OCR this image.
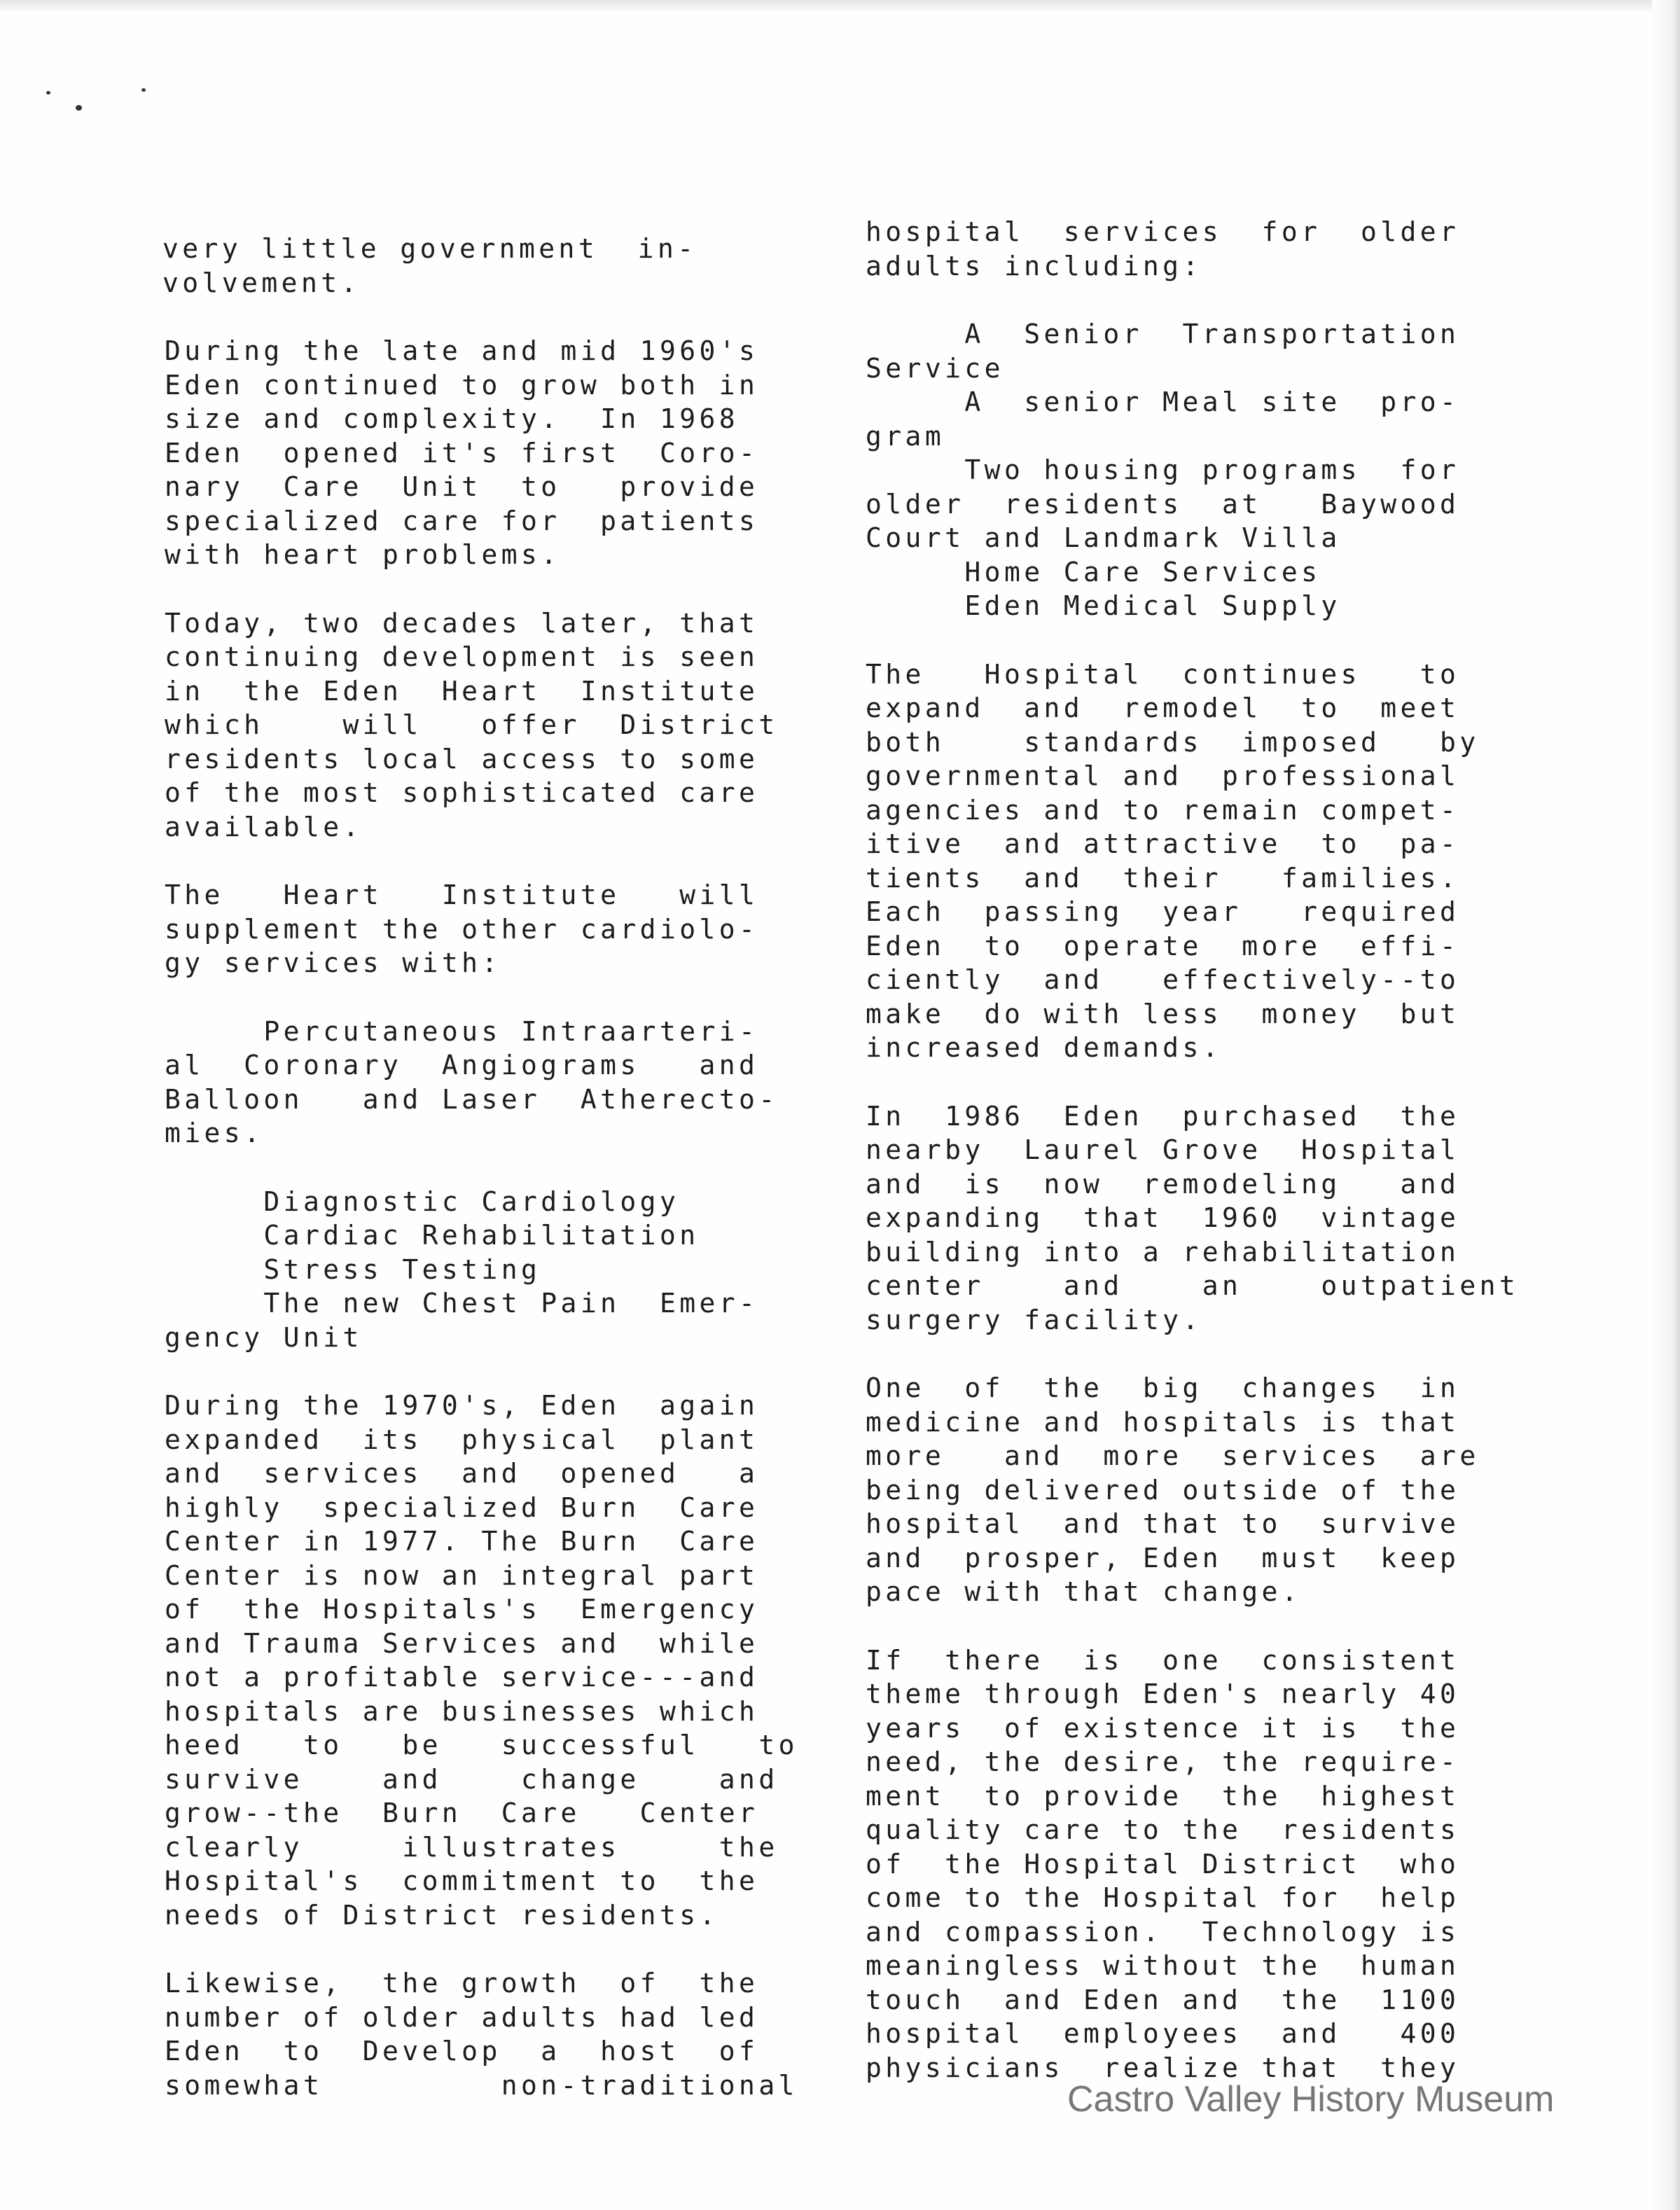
very little government  in-
volvement.
During the late and mid 1960's
Eden continued to grow both in
size and complexity.  In 1968
Eden  opened it's first  Coro-
nary  Care  Unit  to   provide
specialized care for  patients
with heart problems.
Today, two decades later, that
continuing development is seen
in  the Eden  Heart  Institute
which    will   offer  District
residents local access to some
of the most sophisticated care
available.
The   Heart   Institute   will
supplement the other cardiolo-
gy services with:
Percutaneous Intraarteri-
al  Coronary  Angiograms   and
Balloon   and Laser  Atherecto-
mies.
Diagnostic Cardiology
Cardiac Rehabilitation
Stress Testing
The new Chest Pain  Emer-
gency Unit
During the 1970's, Eden  again
expanded  its  physical  plant
and  services  and  opened   a
highly  specialized Burn  Care
Center in 1977. The Burn  Care
Center is now an integral part
of  the Hospitals's  Emergency
and Trauma Services and  while
not a profitable service---and
hospitals are businesses which
heed   to   be   successful   to
survive    and    change    and
grow--the  Burn  Care   Center
clearly     illustrates     the
Hospital's  commitment to  the
needs of District residents.
Likewise,  the growth  of  the
number of older adults had led
Eden  to  Develop  a  host  of
somewhat         non-traditional
hospital  services  for  older
adults including:
A  Senior  Transportation
Service
A  senior Meal site  pro-
gram
Two housing programs  for
older  residents  at   Baywood
Court and Landmark Villa
Home Care Services
Eden Medical Supply
The   Hospital  continues   to
expand  and  remodel  to  meet
both    standards  imposed   by
governmental and  professional
agencies and to remain compet-
itive  and attractive  to  pa-
tients  and  their   families.
Each  passing  year   required
Eden  to  operate  more  effi-
ciently  and   effectively--to
make  do with less  money  but
increased demands.
In  1986  Eden  purchased  the
nearby  Laurel Grove  Hospital
and  is  now  remodeling   and
expanding  that  1960  vintage
building into a rehabilitation
center    and    an    outpatient
surgery facility.
One  of  the  big  changes  in
medicine and hospitals is that
more   and  more  services  are
being delivered outside of the
hospital  and that to  survive
and  prosper, Eden  must  keep
pace with that change.
If  there  is  one  consistent
theme through Eden's nearly 40
years  of existence it is  the
need, the desire, the require-
ment  to provide  the  highest
quality care to the  residents
of  the Hospital District  who
come to the Hospital for  help
and compassion.  Technology is
meaningless without the  human
touch  and Eden and  the  1100
hospital  employees  and   400
physicians  realize that  they
Castro Valley History Museum
